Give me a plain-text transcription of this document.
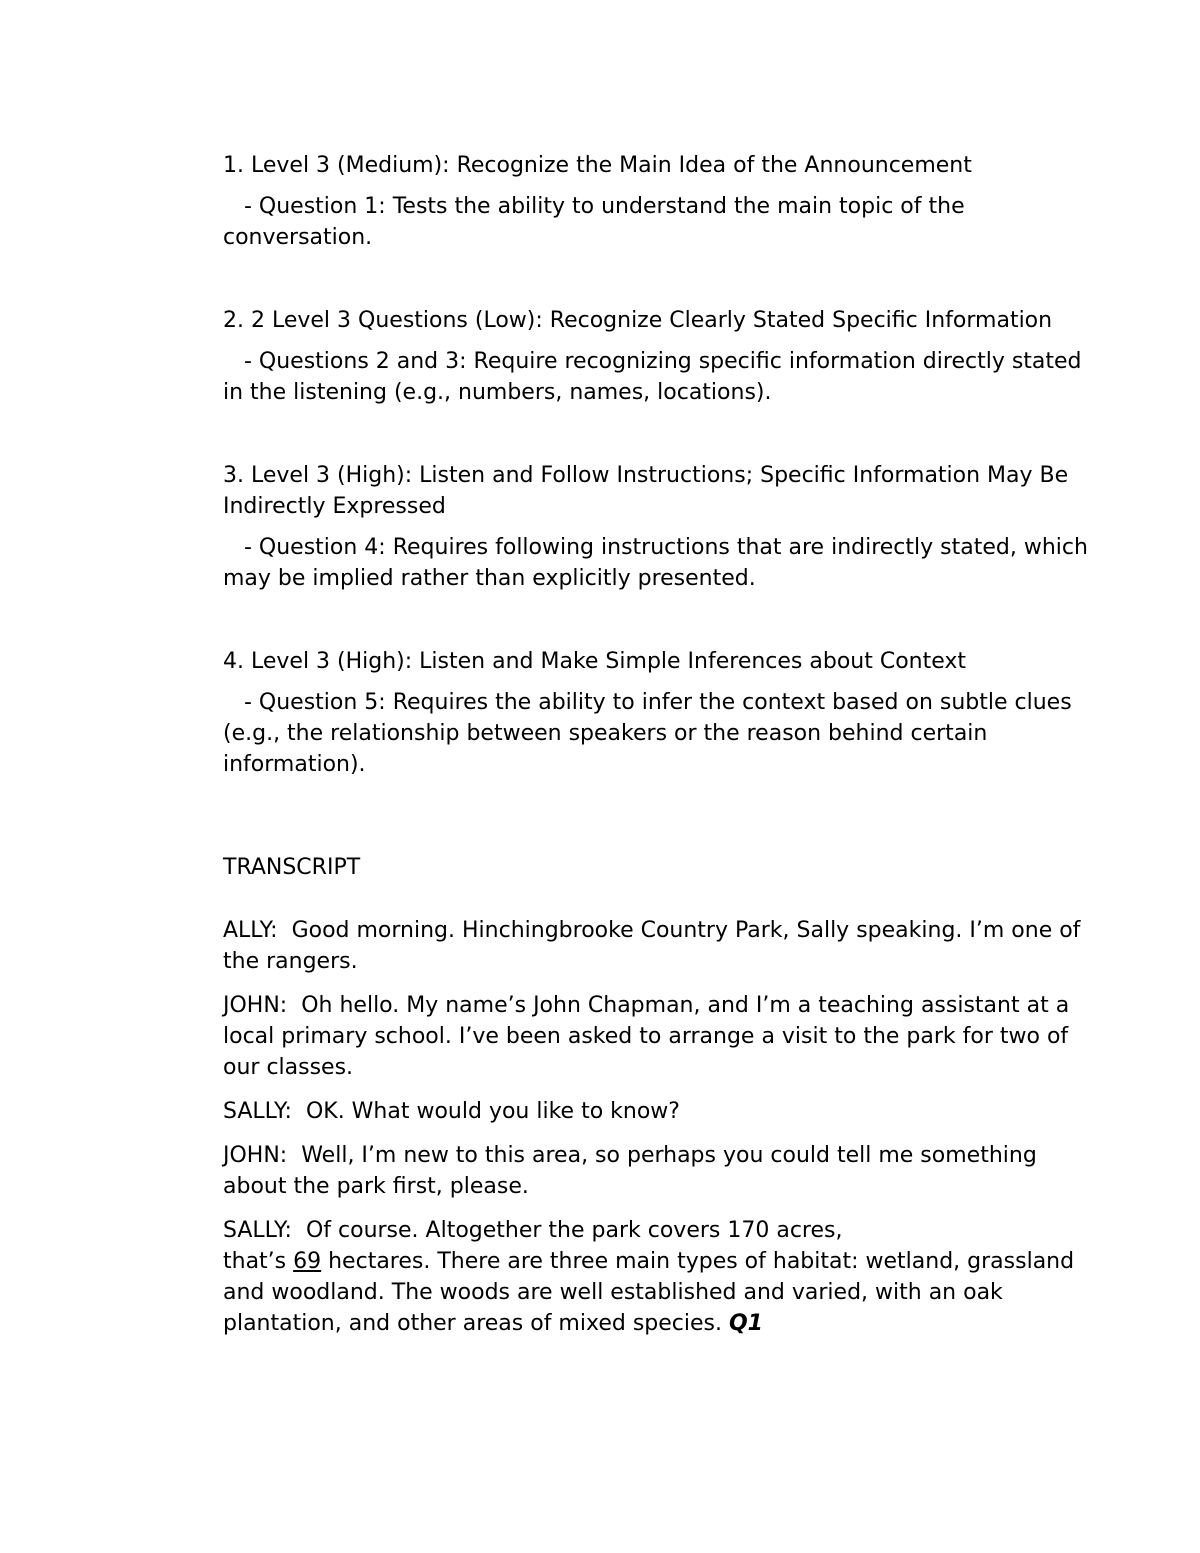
1. Level 3 (Medium): Recognize the Main Idea of the Announcement

- Question 1: Tests the ability to understand the main topic of the conversation.

2. 2 Level 3 Questions (Low): Recognize Clearly Stated Specific Information

- Questions 2 and 3: Require recognizing specific information directly stated in the listening (e.g., numbers, names, locations).

3. Level 3 (High): Listen and Follow Instructions; Specific Information May Be Indirectly Expressed

- Question 4: Requires following instructions that are indirectly stated, which may be implied rather than explicitly presented.

4. Level 3 (High): Listen and Make Simple Inferences about Context

- Question 5: Requires the ability to infer the context based on subtle clues (e.g., the relationship between speakers or the reason behind certain information).

TRANSCRIPT

ALLY: Good morning. Hinchingbrooke Country Park, Sally speaking. I’m one of the rangers.

JOHN: Oh hello. My name’s John Chapman, and I’m a teaching assistant at a local primary school. I’ve been asked to arrange a visit to the park for two of our classes.

SALLY: OK. What would you like to know?

JOHN: Well, I’m new to this area, so perhaps you could tell me something about the park first, please.

SALLY: Of course. Altogether the park covers 170 acres,
that’s 69 hectares. There are three main types of habitat: wetland, grassland and woodland. The woods are well established and varied, with an oak plantation, and other areas of mixed species. Q1
